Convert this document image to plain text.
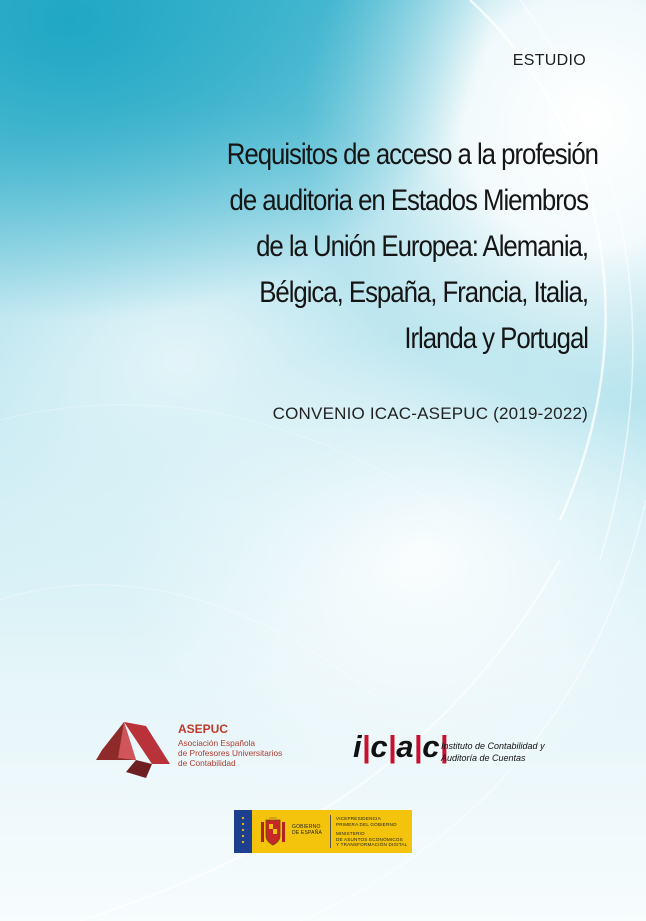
ESTUDIO
Requisitos de acceso a la profesión
de auditoria en Estados Miembros
de la Unión Europea: Alemania,
Bélgica, España, Francia, Italia,
Irlanda y Portugal
CONVENIO ICAC-ASEPUC (2019-2022)
ASEPUC
Asociación Española
de Profesores Universitarios
de Contabilidad	i|c|a|c|
Instituto de Contabilidad y
Auditoría de Cuentas
GOBIERNO
DE ESPAÑA
VICEPRESIDENCIA
PRIMERA DEL GOBIERNO
MINISTERIO
DE ASUNTOS ECONÓMICOS
Y TRANSFORMACIÓN DIGITAL
